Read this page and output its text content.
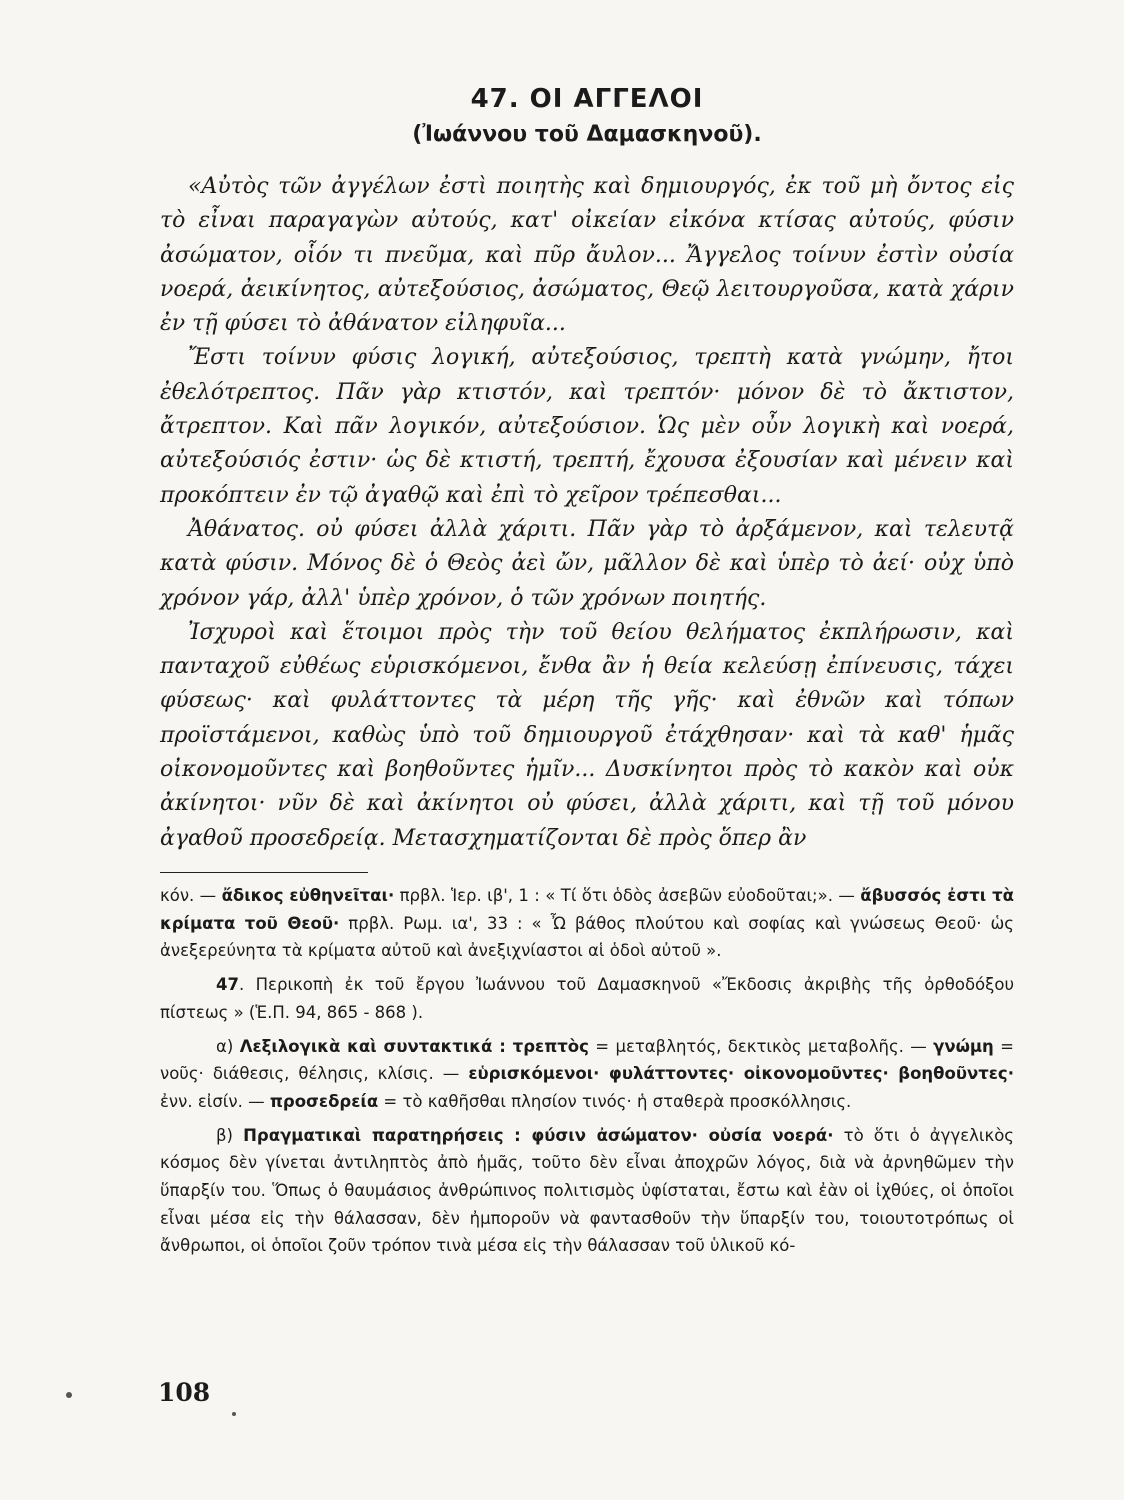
47. ΟΙ ΑΓΓΕΛΟΙ
(Ἰωάννου τοῦ Δαμασκηνοῦ).

«Αὐτὸς τῶν ἀγγέλων ἐστὶ ποιητὴς καὶ δημιουργός, ἐκ τοῦ μὴ ὄντος εἰς τὸ εἶναι παραγαγὼν αὐτούς, κατ' οἰκείαν εἰκόνα κτίσας αὐτούς, φύσιν ἀσώματον, οἷόν τι πνεῦμα, καὶ πῦρ ἄυλον... Ἄγγελος τοίνυν ἐστὶν οὐσία νοερά, ἀεικίνητος, αὐτεξούσιος, ἀσώματος, Θεῷ λειτουργοῦσα, κατὰ χάριν ἐν τῇ φύσει τὸ ἀθάνατον εἰληφυῖα...

Ἔστι τοίνυν φύσις λογική, αὐτεξούσιος, τρεπτὴ κατὰ γνώμην, ἤτοι ἐθελότρεπτος. Πᾶν γὰρ κτιστόν, καὶ τρεπτόν· μόνον δὲ τὸ ἄκτιστον, ἄτρεπτον. Καὶ πᾶν λογικόν, αὐτεξούσιον. Ὡς μὲν οὖν λογικὴ καὶ νοερά, αὐτεξούσιός ἐστιν· ὡς δὲ κτιστή, τρεπτή, ἔχουσα ἐξουσίαν καὶ μένειν καὶ προκόπτειν ἐν τῷ ἀγαθῷ καὶ ἐπὶ τὸ χεῖρον τρέπεσθαι...

Ἀθάνατος. οὐ φύσει ἀλλὰ χάριτι. Πᾶν γὰρ τὸ ἀρξάμενον, καὶ τελευτᾷ κατὰ φύσιν. Μόνος δὲ ὁ Θεὸς ἀεὶ ὤν, μᾶλλον δὲ καὶ ὑπὲρ τὸ ἀεί· οὐχ ὑπὸ χρόνον γάρ, ἀλλ' ὑπὲρ χρόνον, ὁ τῶν χρόνων ποιητής.

Ἰσχυροὶ καὶ ἕτοιμοι πρὸς τὴν τοῦ θείου θελήματος ἐκπλήρωσιν, καὶ πανταχοῦ εὐθέως εὑρισκόμενοι, ἔνθα ἂν ἡ θεία κελεύσῃ ἐπίνευσις, τάχει φύσεως· καὶ φυλάττοντες τὰ μέρη τῆς γῆς· καὶ ἐθνῶν καὶ τόπων προϊστάμενοι, καθὼς ὑπὸ τοῦ δημιουργοῦ ἐτάχθησαν· καὶ τὰ καθ' ἡμᾶς οἰκονομοῦντες καὶ βοηθοῦντες ἡμῖν... Δυσκίνητοι πρὸς τὸ κακὸν καὶ οὐκ ἀκίνητοι· νῦν δὲ καὶ ἀκίνητοι οὐ φύσει, ἀλλὰ χάριτι, καὶ τῇ τοῦ μόνου ἀγαθοῦ προσεδρείᾳ. Μετασχηματίζονται δὲ πρὸς ὅπερ ἂν

κόν. — ἄδικος εὐθηνεῖται· πρβλ. Ἱερ. ιβ', 1 : « Τί ὅτι ὁδὸς ἀσεβῶν εὐοδοῦται;». — ἄβυσσός ἐστι τὰ κρίματα τοῦ Θεοῦ· πρβλ. Ρωμ. ια', 33 : « Ὦ βάθος πλούτου καὶ σοφίας καὶ γνώσεως Θεοῦ· ὡς ἀνεξερεύνητα τὰ κρίματα αὐτοῦ καὶ ἀνεξιχνίαστοι αἱ ὁδοὶ αὐτοῦ ».

47. Περικοπὴ ἐκ τοῦ ἔργου Ἰωάννου τοῦ Δαμασκηνοῦ «Ἔκδοσις ἀκριβὴς τῆς ὀρθοδόξου πίστεως » (Ἑ.Π. 94, 865 - 868 ).

α) Λεξιλογικὰ καὶ συντακτικά : τρεπτὸς = μεταβλητός, δεκτικὸς μεταβολῆς. — γνώμη = νοῦς· διάθεσις, θέλησις, κλίσις. — εὑρισκόμενοι· φυλάττοντες· οἰκονομοῦντες· βοηθοῦντες· ἐνν. εἰσίν. — προσεδρεία = τὸ καθῆσθαι πλησίον τινός· ἡ σταθερὰ προσκόλλησις.

β) Πραγματικαὶ παρατηρήσεις : φύσιν ἀσώματον· οὐσία νοερά· τὸ ὅτι ὁ ἀγγελικὸς κόσμος δὲν γίνεται ἀντιληπτὸς ἀπὸ ἡμᾶς, τοῦτο δὲν εἶναι ἀποχρῶν λόγος, διὰ νὰ ἀρνηθῶμεν τὴν ὕπαρξίν του. Ὅπως ὁ θαυμάσιος ἀνθρώπινος πολιτισμὸς ὑφίσταται, ἔστω καὶ ἐὰν οἱ ἰχθύες, οἱ ὁποῖοι εἶναι μέσα εἰς τὴν θάλασσαν, δὲν ἠμποροῦν νὰ φαντασθοῦν τὴν ὕπαρξίν του, τοιουτοτρόπως οἱ ἄνθρωποι, οἱ ὁποῖοι ζοῦν τρόπον τινὰ μέσα εἰς τὴν θάλασσαν τοῦ ὑλικοῦ κό-

108
